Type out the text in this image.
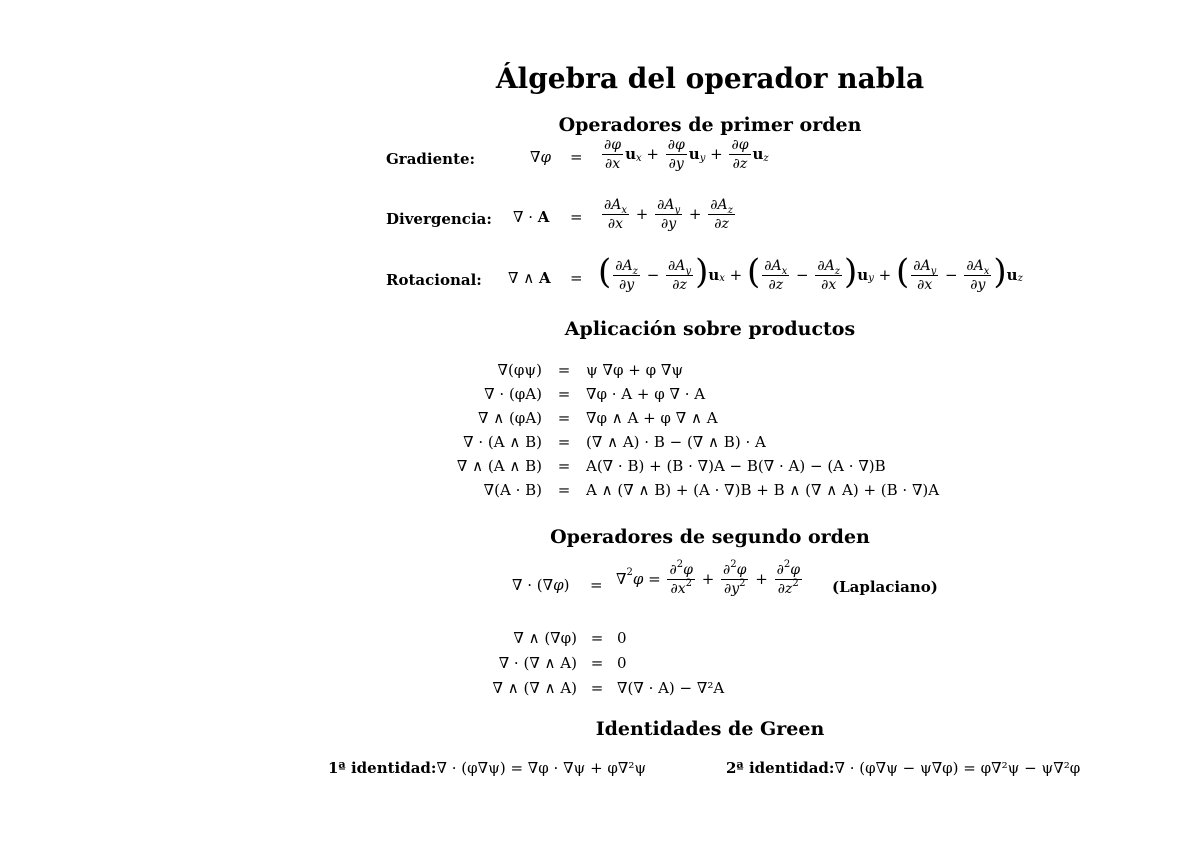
Álgebra del operador nabla
Operadores de primer orden
Gradiente:	$\nabla\varphi = \frac{\partial\varphi}{\partial x}$ u $x + \frac{\partial\varphi}{\partial y}$ u $y + \frac{\partial\varphi}{\partial z}$ u z
Divergencia: ∇ · $A = \frac{\partial A_x}{\partial x} + \frac{\partial A_y}{\partial y} + \frac{\partial A_z}{\partial z}$
Rotacional: ∇ ∧ A = ( $\frac{\partial A_z}{\partial y} - \frac{\partial A_y}{\partial z}$ ) u x + ( $\frac{\partial A_x}{\partial z} - \frac{\partial A_z}{\partial x}$ ) u y + ( $\frac{\partial A_y}{\partial x} - \frac{\partial A_x}{\partial y}$ ) u z
Aplicación sobre productos
∇(φψ)	=	ψ ∇φ + φ ∇ψ
∇ · (φA)	=	∇φ · A + φ ∇ · A
∇ ∧ (φA)	=	∇φ ∧ A + φ ∇ ∧ A
∇ · (A ∧ B)	=	(∇ ∧ A) · B − (∇ ∧ B) · A
∇ ∧ (A ∧ B)	=	A(∇ · B) + (B · ∇)A − B(∇ · A) − (A · ∇)B
∇(A · B)	=	A ∧ (∇ ∧ B) + (A · ∇)B + B ∧ (∇ ∧ A) + (B · ∇)A
Operadores de segundo orden
∇ · (∇φ) = ∇ 2 $\varphi = \frac{\partial^2\varphi}{\partial x^2} + \frac{\partial^2\varphi}{\partial y^2} + \frac{\partial^2\varphi}{\partial z^2}$ (Laplaciano)
∇ ∧ (∇φ) = 0
∇ · (∇ ∧ A) = 0
∇ ∧ (∇ ∧ A) = ∇(∇ · A) − ∇²A
Identidades de Green
1ª identidad:∇ · (φ∇ψ) = ∇φ · ∇ψ + φ∇²ψ	2ª identidad:∇ · (φ∇ψ − ψ∇φ) = φ∇²ψ − ψ∇²φ
